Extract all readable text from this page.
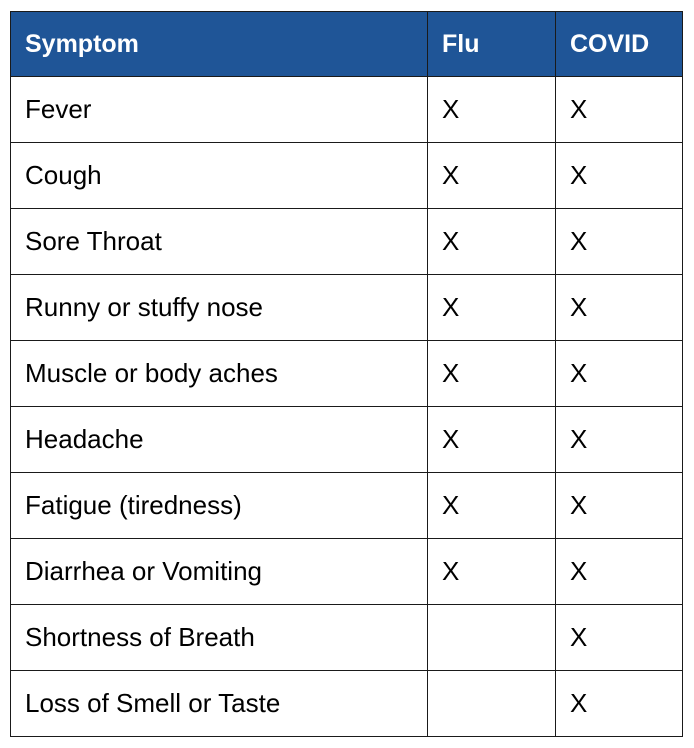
Symptom	Flu	COVID
Fever	X	X
Cough	X	X
Sore Throat	X	X
Runny or stuffy nose	X	X
Muscle or body aches	X	X
Headache	X	X
Fatigue (tiredness)	X	X
Diarrhea or Vomiting	X	X
Shortness of Breath		X
Loss of Smell or Taste		X
